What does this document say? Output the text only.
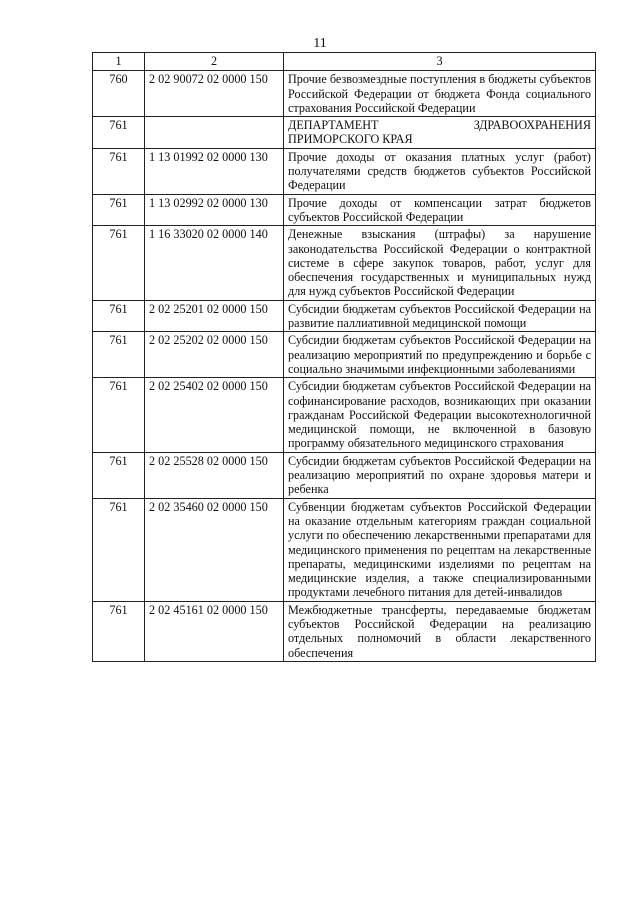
11
1	2	3
760	2 02 90072 02 0000 150	Прочие безвозмездные поступления в бюджеты субъектов Российской Федерации от бюджета Фонда социального страхования Российской Федерации
761		ДЕПАРТАМЕНТ ЗДРАВООХРАНЕНИЯ ПРИМОРСКОГО КРАЯ
761	1 13 01992 02 0000 130	Прочие доходы от оказания платных услуг (работ) получателями средств бюджетов субъектов Российской Федерации
761	1 13 02992 02 0000 130	Прочие доходы от компенсации затрат бюджетов субъектов Российской Федерации
761	1 16 33020 02 0000 140	Денежные взыскания (штрафы) за нарушение законодательства Российской Федерации о контрактной системе в сфере закупок товаров, работ, услуг для обеспечения государственных и муниципальных нужд для нужд субъектов Российской Федерации
761	2 02 25201 02 0000 150	Субсидии бюджетам субъектов Российской Федерации на развитие паллиативной медицинской помощи
761	2 02 25202 02 0000 150	Субсидии бюджетам субъектов Российской Федерации на реализацию мероприятий по предупреждению и борьбе с социально значимыми инфекционными заболеваниями
761	2 02 25402 02 0000 150	Субсидии бюджетам субъектов Российской Федерации на софинансирование расходов, возникающих при оказании гражданам Российской Федерации высокотехнологичной медицинской помощи, не включенной в базовую программу обязательного медицинского страхования
761	2 02 25528 02 0000 150	Субсидии бюджетам субъектов Российской Федерации на реализацию мероприятий по охране здоровья матери и ребенка
761	2 02 35460 02 0000 150	Субвенции бюджетам субъектов Российской Федерации на оказание отдельным категориям граждан социальной услуги по обеспечению лекарственными препаратами для медицинского применения по рецептам на лекарственные препараты, медицинскими изделиями по рецептам на медицинские изделия, а также специализированными продуктами лечебного питания для детей-инвалидов
761	2 02 45161 02 0000 150	Межбюджетные трансферты, передаваемые бюджетам субъектов Российской Федерации на реализацию отдельных полномочий в области лекарственного обеспечения
